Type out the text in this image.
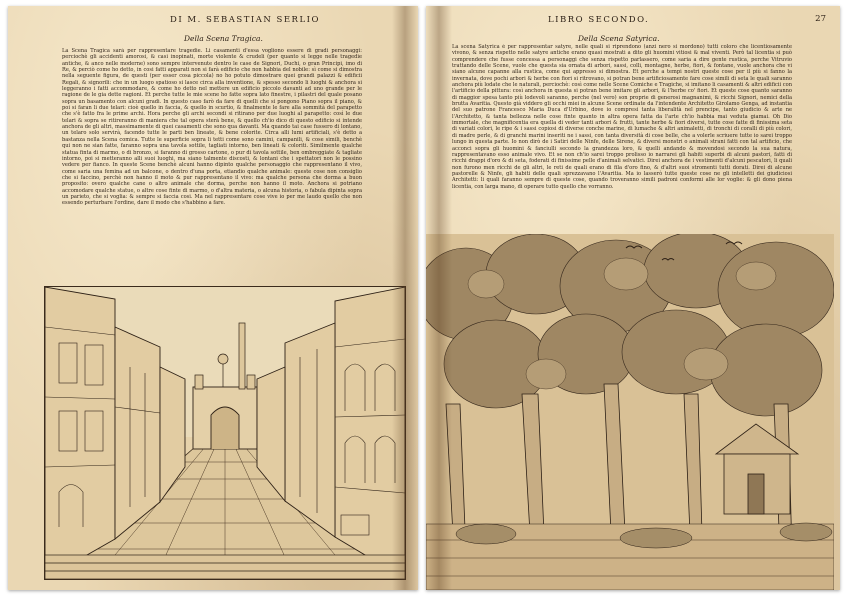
DI M. SEBASTIAN SERLIO
Della Scena Tragica.

La Scena Tragica sarà per rappresentare tragedie. Li casamenti d'essa vogliono essere di gradi personaggi: perciochè gli accidenti amorosi, & casi inopinati, morte violente & crudeli (per quanto si legge nelle tragedie antiche, & anco nelle moderne) sono sempre intervenute dentro le case de Signori, Duchi, o gran Principi, imo di Re, & perciò come ho detto, in cosi fatti apparati non si farà edificio che non habbia del nobile: sì come si dimostra nella seguente figura, de questi (per esser cosa piccola) no ho potuto dimostrare quei grandi palazzi & edificii Regali, & signorili: che in un luogo spatioso si lasce circa alla inventione, & spesso secondo li luoghi & anchora si leggeranno i fatti accommodare, & come ho detto nel mettere un edificio piccolo davanti ad uno grande per le ragione de le gia dette ragioni. Et perche tutte le mie scene ho fatte sopra lato finestre, i pilastri del quale posano sopra un basamento con alcuni gradi. In questo caso farò da fare di quelli che si pongono Piano sopra il piano, & poi si faran li due telari: cioè quello in faccia, & quello in scurtio, & finalmente le fare alla sommità del parapetto che s'è fatto fra le prime archi. Hora perche gli archi secondi si ritirano per due luoghi al parapetto: così le due telari & sopra se ritireranno di maniera che tal opera sterà bene, & quello ch'io dico di questo edificio si intende anchora de gli altri, massimamente di quei casamenti che sono qua davanti. Ma quando tai case fussero di lontano, un telaro solo servirà, facendo tutte le parti ben lineate, & bene colorite. Circa alli lumi artificiali, s'è detto a bastanza nella Scena comica. Tutte le superficie sopra li tetti come sono camini, campanili, & cose simili, benchè qui non ne sian fatte, faranno sopra una tavola sottile, tagliati intorno, ben lineati & coloriti. Similmente qualche statua finta di marmo, o di bronzo, si faranno di grosso cartone, o pur di tavola sottile, ben ombreggiate & tagliate intorno, poi si metteranno alli suoi luoghi, ma siano talmente discosti, & lontani che i spettatori non le possino vedere per fianco. In queste Scene benchè alcuni hanno dipinto qualche personaggio che rappresentano il vivo, come saria una femina ad un balcone, o dentro d'una porta, etiandio qualche animale: queste cose non consiglio che si faccino, perchè non hanno il moto & pur rappresentano il vivo: ma qualche persona che dorma a buon proposito: overo qualche cane o altro animale che dorma, perche non hanno il moto. Anchora si potriano accomodare qualche statue, o altre cose finte di marmo, o d'altra materia, o alcuna historia, o fabula dipinta sopra un parieto, che si voglia: & sempre si faccia cosi. Ma nel rappresentare cose vive io per me laudo quello che non essendo perturbare l'ordine, dare il modo che s'habbino a fare.

LIBRO SECONDO.	27
Della Scena Satyrica.

La scena Satyrica è per rappresentar satyre, nelle quali si riprendono (anzi nero si mordono) tutti coloro che licentiosamente vivono, & senza rispetto nelle satyre antiche erano quasi mostrati a dito gli huomini vitiosi & mal viventi. Però tal licentia si può comprendere che fusse concessa a personaggi che senza rispetto parlassero, come saria a dire gente rustica, perche Vitruvio trattando delle Scene, vuole che questa sia ornata di arbori, sassi, colli, montagne, herbe, fiori, & fontane, vuole anchora che vi siano alcune capanne alla rustica, come qui appresso si dimostra. Et perche a tempi nostri queste cose per il più si fanno la invernata, dove pochi arbori & herbe con fiori si ritrovano, si potran bene artificiosamente fare cose simili di seta le quali saranno anchora più lodate che le naturali, perciochè: così come nelle Scene Comiche e Tragiche, si imitano li casamenti & altri edificii con l'artificio della pittura: così anchora in questa si potran bene imitare gli arbori, & l'herbe co' fiori. Et queste cose quanto saranno di maggior spesa tanto più lodevoli saranno, perche (nel vero) son proprie di generosi magnanimi, & ricchi Signori, nemici della brutta Avaritia. Questo già viddero gli occhi miei in alcune Scene ordinate da l'intendente Architetto Girolamo Genga, ad instantia del suo patrone Francesco Maria Duca d'Urbino, dove io compresi tanta liberalità nel prencipe, tanto giudicio & arte ne l'Architetto, & tanta bellezza nelle cose finte quanto in altra opera fatta da l'arte ch'io habbia mai veduta giamai. Oh Dio immortale, che magnificentia era quella di veder tanti arbori & frutti, tante herbe & fiori diversi, tutte cose fatte di finissima seta di variati colori, le ripe & i sassi copiosi di diverse conche marine, di lumache & altri animaletti, di tronchi di coralli di più colori, di madre perle, & di granchi marini inseriti ne i sassi, con tanta diversità di cose belle, che a volerle scriuere tutte io sarei troppo lungo in questa parte. Io non dirò de i Satiri delle Ninfe, delle Sirene, & diversi monstri o animali strani fatti con tal artificio, che acconci sopra gli huomini & fanciulli secondo la grandezza loro, & quelli andando & movendosi secondo la sua natura, rappresentavano esso animale vivo. Et se non ch'io sarei troppo prolisso io narrarei gli habiti superbi di alcuni pastori, fatti di ricchi drappi d'oro & di seta, foderati di finissime pelle d'animali selvatici. Direi anchora de i vestimenti d'alcuni pescatori, li quali non furono men ricchi de gli altri, le reti de quali erano di fila d'oro fino, & d'altri suoi stromenti tutti dorati. Direi di alcune pastorelle & Ninfe, gli habiti delle quali sprezzavano l'Avaritia. Ma io lasserò tutte queste cose ne gli intelletti dei giudiciosi Architetti: li quali faranno sempre di queste cose, quando troveranno simili padroni conformi alle lor voglie: & gli dono piena licentia, con larga mano, di operare tutto quello che vorranno.
